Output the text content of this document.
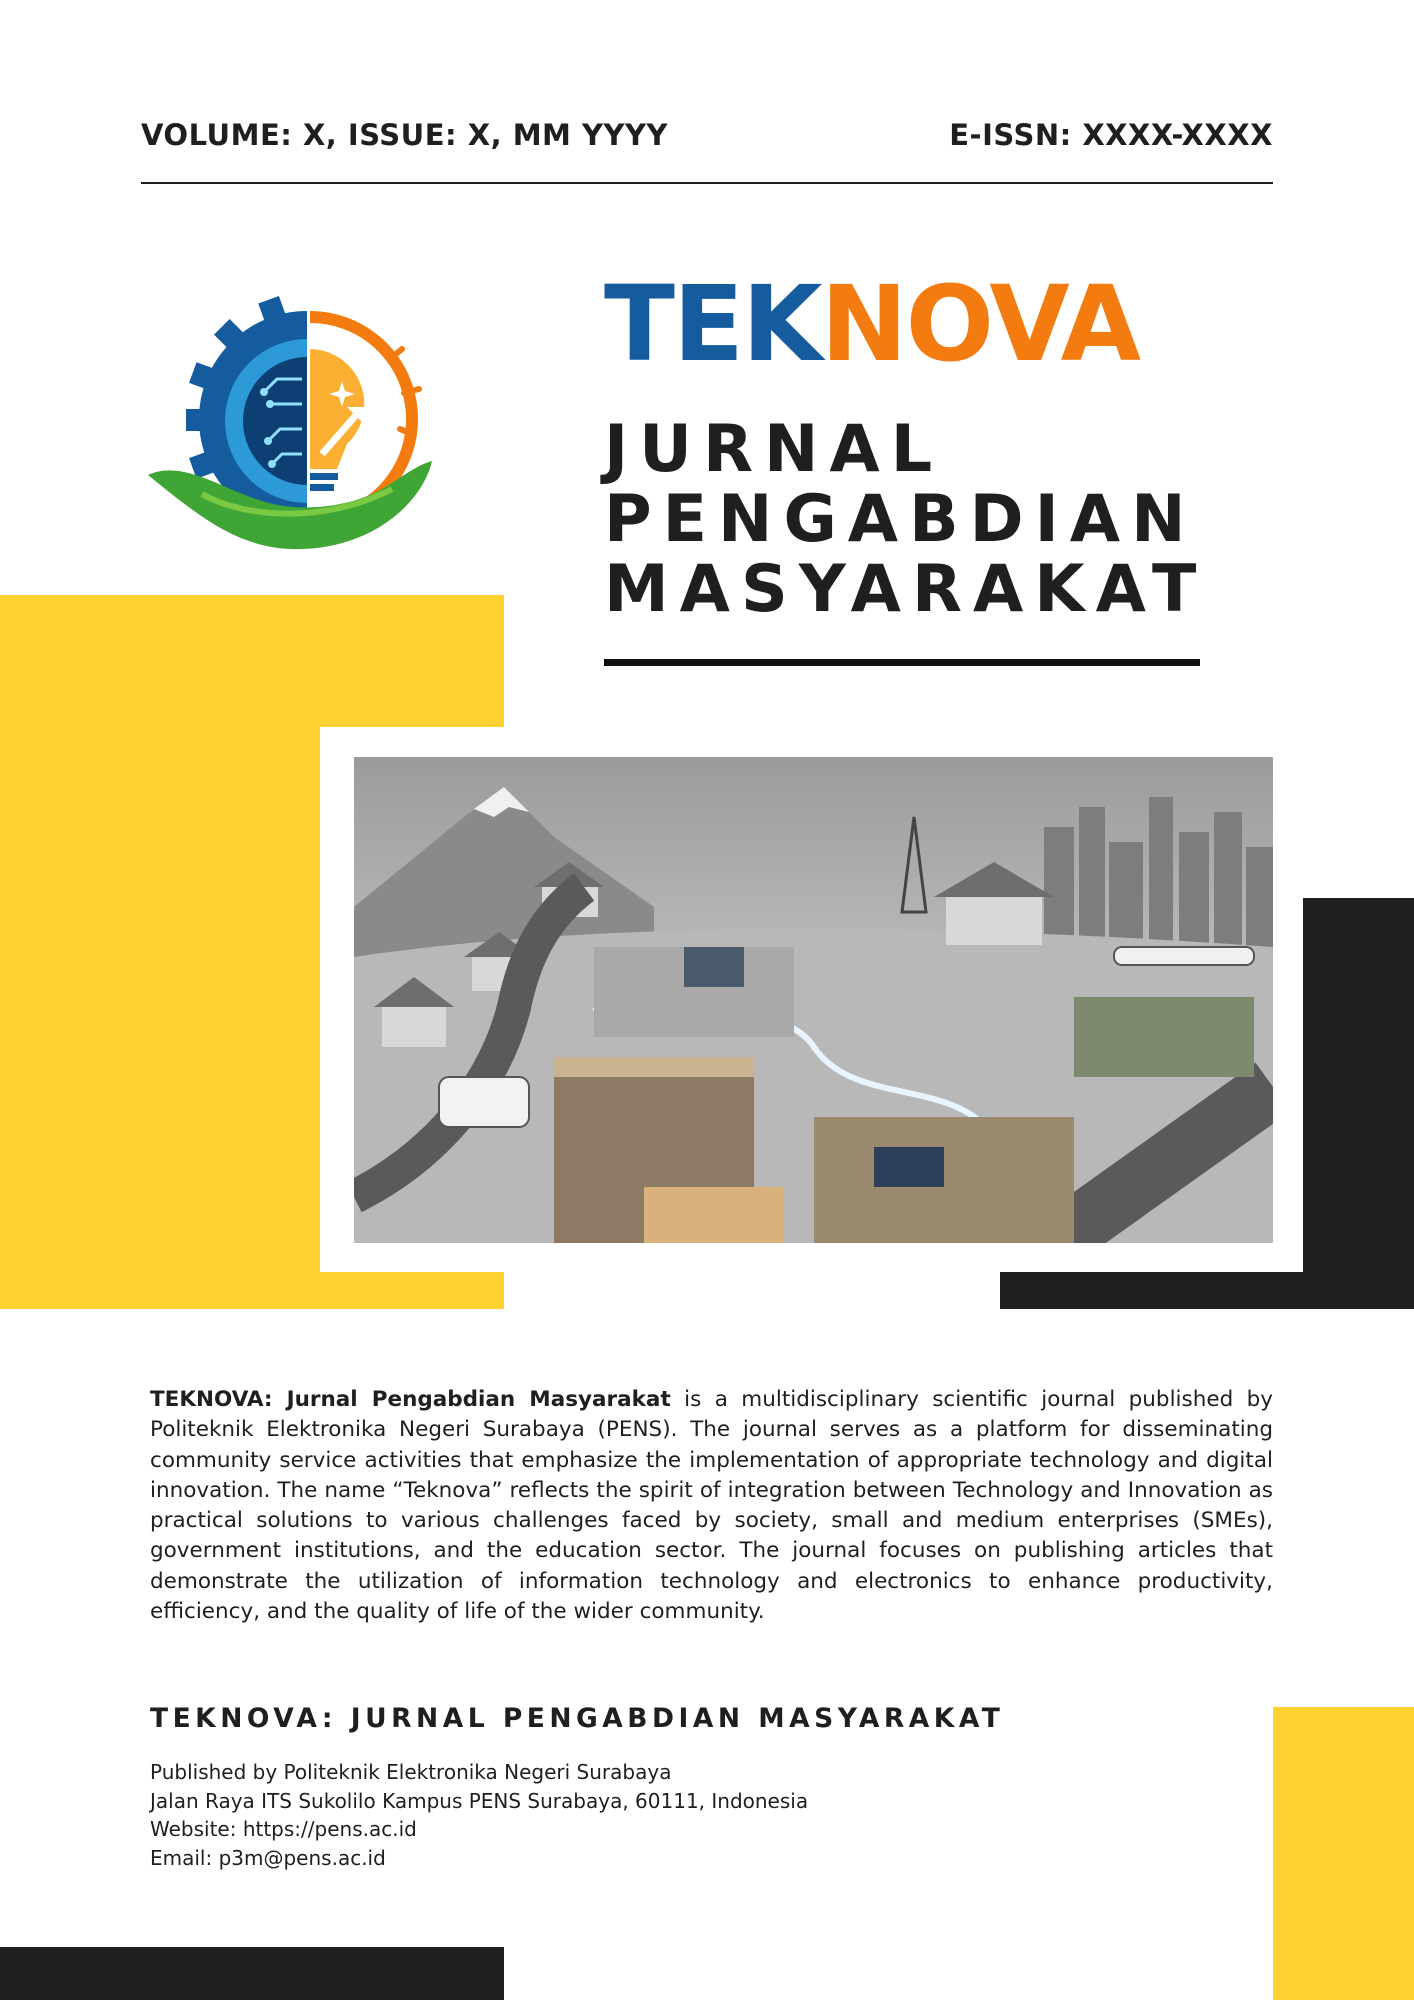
VOLUME: X, ISSUE: X, MM YYYY	E-ISSN: XXXX-XXXX
TEKNOVA
JURNAL
PENGABDIAN
MASYARAKAT
TEKNOVA: Jurnal Pengabdian Masyarakat is a multidisciplinary scientific journal published by Politeknik Elektronika Negeri Surabaya (PENS). The journal serves as a platform for disseminating community service activities that emphasize the implementation of appropriate technology and digital innovation. The name “Teknova” reflects the spirit of integration between Technology and Innovation as practical solutions to various challenges faced by society, small and medium enterprises (SMEs), government institutions, and the education sector. The journal focuses on publishing articles that demonstrate the utilization of information technology and electronics to enhance productivity, efficiency, and the quality of life of the wider community.
TEKNOVA: JURNAL PENGABDIAN MASYARAKAT
Published by Politeknik Elektronika Negeri Surabaya
Jalan Raya ITS Sukolilo Kampus PENS Surabaya, 60111, Indonesia
Website: https://pens.ac.id
Email: p3m@pens.ac.id
